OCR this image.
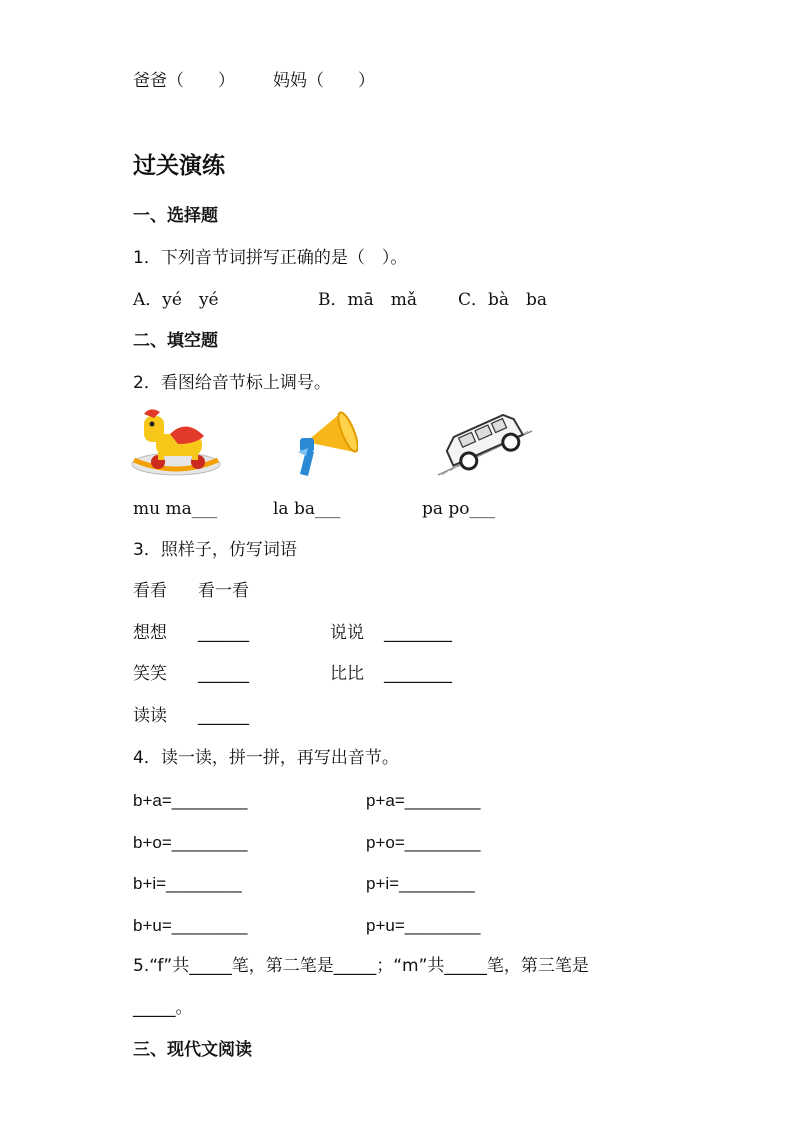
爸爸（　　） 妈妈（　　）
过关演练
一、选择题
1．下列音节词拼写正确的是（　）。
A．yé　yé	B．mā　mǎ C．bà　ba
二、填空题
2．看图给音节标上调号。
mu ma___	la ba___	pa po___
3．照样子，仿写词语
看看 看一看
想想 ______	说说 ________
笑笑 ______	比比 ________
读读 ______
4．读一读，拼一拼，再写出音节。
b+a=________	p+a=________
b+o=________	p+o=________
b+i=________	p+i=________
b+u=________	p+u=________
5.“f”共_____笔，第二笔是_____；“m”共_____笔，第三笔是
_____。
三、现代文阅读
